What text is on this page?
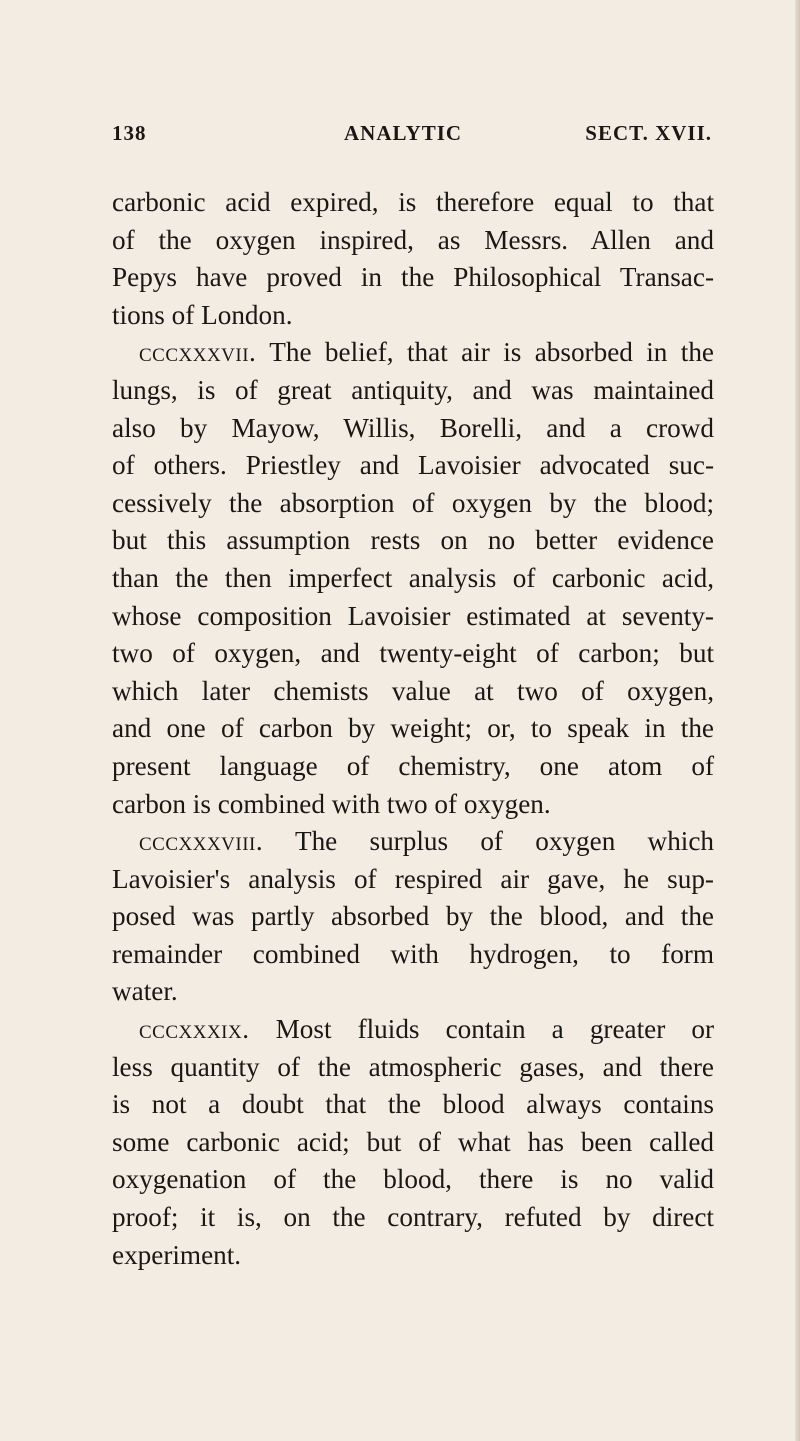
138	ANALYTIC	SECT. XVII.
carbonic acid expired, is therefore equal to that
of the oxygen inspired, as Messrs. Allen and
Pepys have proved in the Philosophical Transac-
tions of London.
cccxxxvii. The belief, that air is absorbed in the
lungs, is of great antiquity, and was maintained
also by Mayow, Willis, Borelli, and a crowd
of others. Priestley and Lavoisier advocated suc-
cessively the absorption of oxygen by the blood;
but this assumption rests on no better evidence
than the then imperfect analysis of carbonic acid,
whose composition Lavoisier estimated at seventy-
two of oxygen, and twenty-eight of carbon; but
which later chemists value at two of oxygen,
and one of carbon by weight; or, to speak in the
present language of chemistry, one atom of
carbon is combined with two of oxygen.
cccxxxviii. The surplus of oxygen which
Lavoisier's analysis of respired air gave, he sup-
posed was partly absorbed by the blood, and the
remainder combined with hydrogen, to form
water.
cccxxxix. Most fluids contain a greater or
less quantity of the atmospheric gases, and there
is not a doubt that the blood always contains
some carbonic acid; but of what has been called
oxygenation of the blood, there is no valid
proof; it is, on the contrary, refuted by direct
experiment.
